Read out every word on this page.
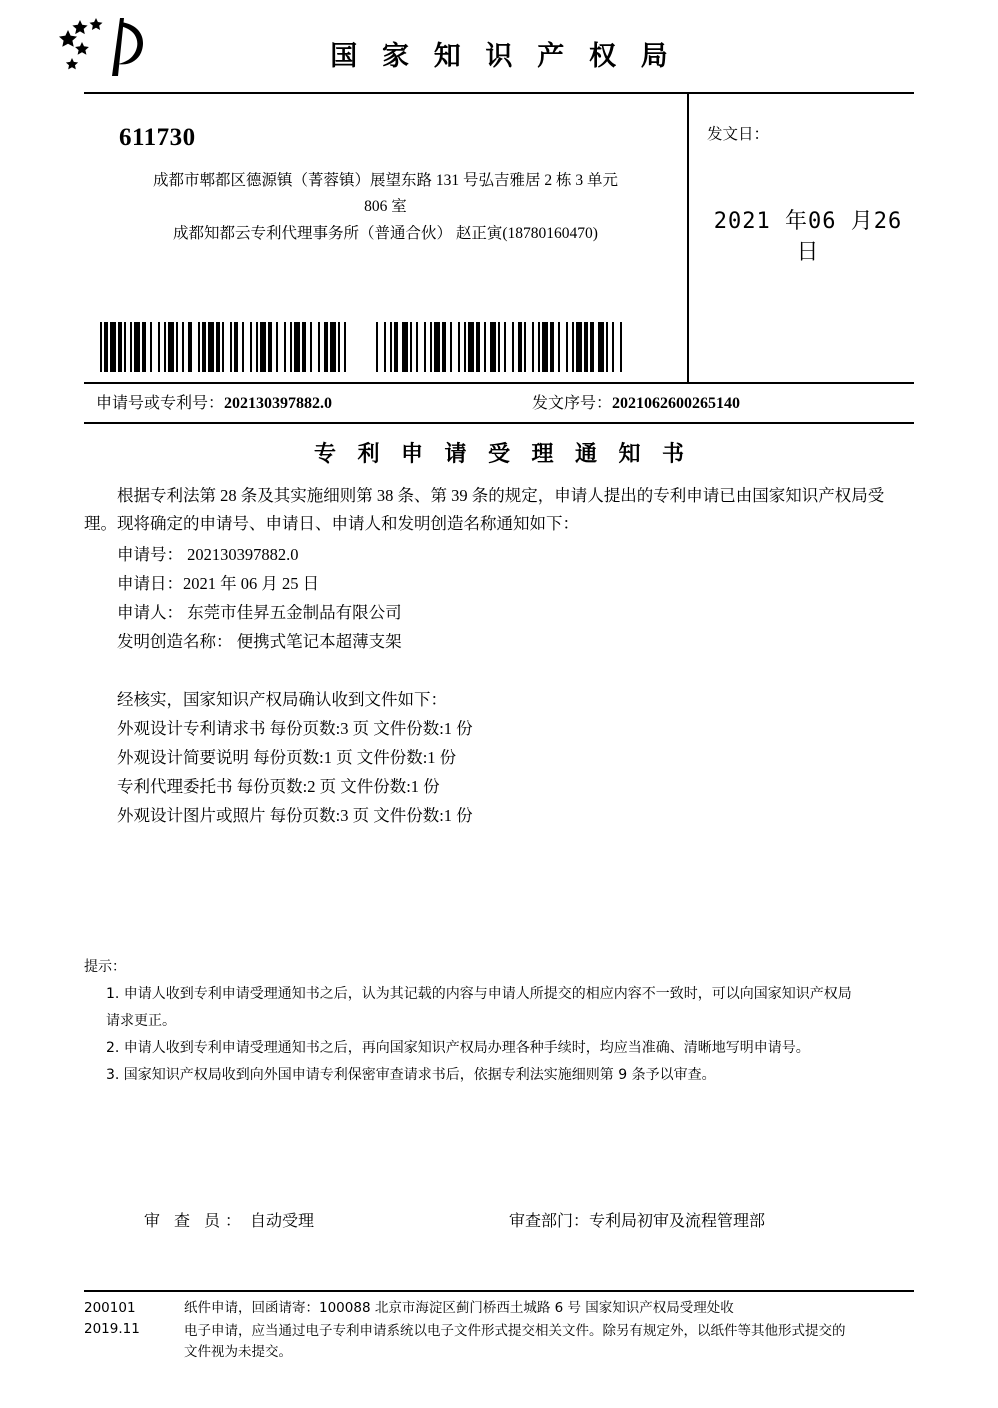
国 家 知 识 产 权 局
611730
成都市郫都区德源镇（菁蓉镇）展望东路 131 号弘吉雅居 2 栋 3 单元
806 室
成都知都云专利代理事务所（普通合伙） 赵正寅(18780160470)
发文日：
2021 年06 月26 日
申请号或专利号：202130397882.0	发文序号：2021062600265140
专 利 申 请 受 理 通 知 书

根据专利法第 28 条及其实施细则第 38 条、第 39 条的规定，申请人提出的专利申请已由国家知识产权局受理。现将确定的申请号、申请日、申请人和发明创造名称通知如下：

申请号： 202130397882.0
申请日：2021 年 06 月 25 日
申请人： 东莞市佳昇五金制品有限公司
发明创造名称： 便携式笔记本超薄支架
经核实，国家知识产权局确认收到文件如下：
外观设计专利请求书 每份页数:3 页 文件份数:1 份
外观设计简要说明 每份页数:1 页 文件份数:1 份
专利代理委托书 每份页数:2 页 文件份数:1 份
外观设计图片或照片 每份页数:3 页 文件份数:1 份
提示：
1. 申请人收到专利申请受理通知书之后，认为其记载的内容与申请人所提交的相应内容不一致时，可以向国家知识产权局
请求更正。
2. 申请人收到专利申请受理通知书之后，再向国家知识产权局办理各种手续时，均应当准确、清晰地写明申请号。
3. 国家知识产权局收到向外国申请专利保密审查请求书后，依据专利法实施细则第 9 条予以审查。
审 查 员： 自动受理	审查部门：专利局初审及流程管理部
200101
2019.11
纸件申请，回函请寄：100088 北京市海淀区蓟门桥西土城路 6 号 国家知识产权局受理处收
电子申请，应当通过电子专利申请系统以电子文件形式提交相关文件。除另有规定外，以纸件等其他形式提交的
文件视为未提交。
